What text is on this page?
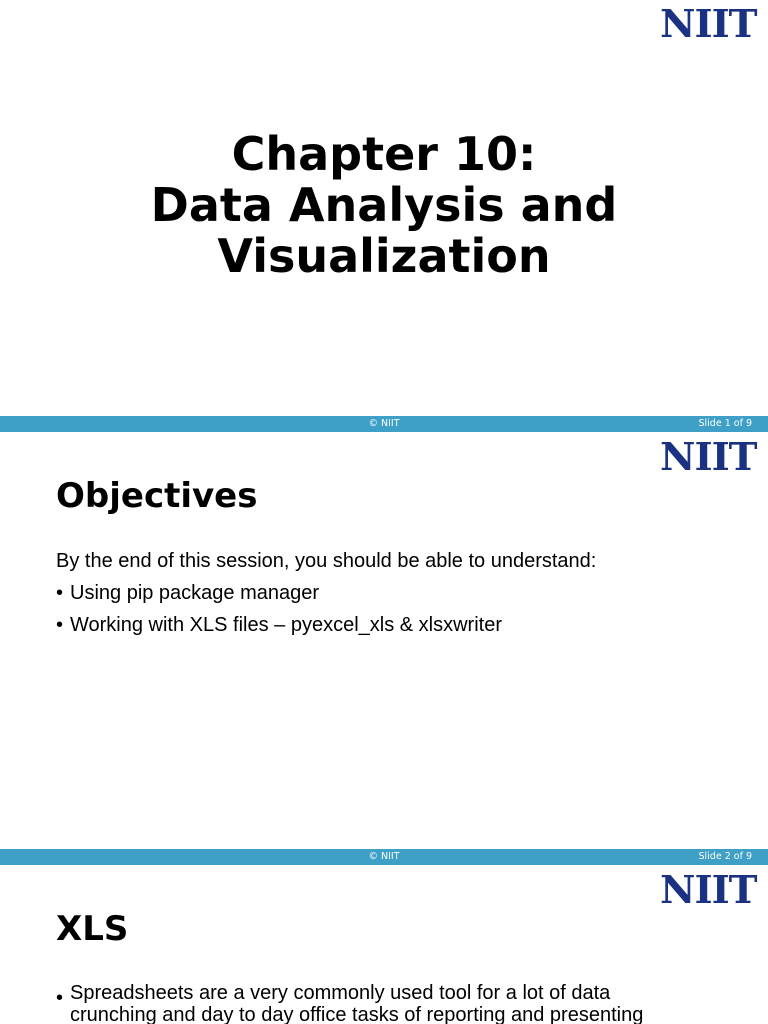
NIIT
Chapter 10:
Data Analysis and
Visualization
© NIIT	Slide 1 of 9
NIIT
Objectives
By the end of this session, you should be able to understand:
• Using pip package manager
• Working with XLS files – pyexcel_xls & xlsxwriter
© NIIT	Slide 2 of 9
NIIT
XLS
• Spreadsheets are a very commonly used tool for a lot of data crunching and day to day office tasks of reporting and presenting
